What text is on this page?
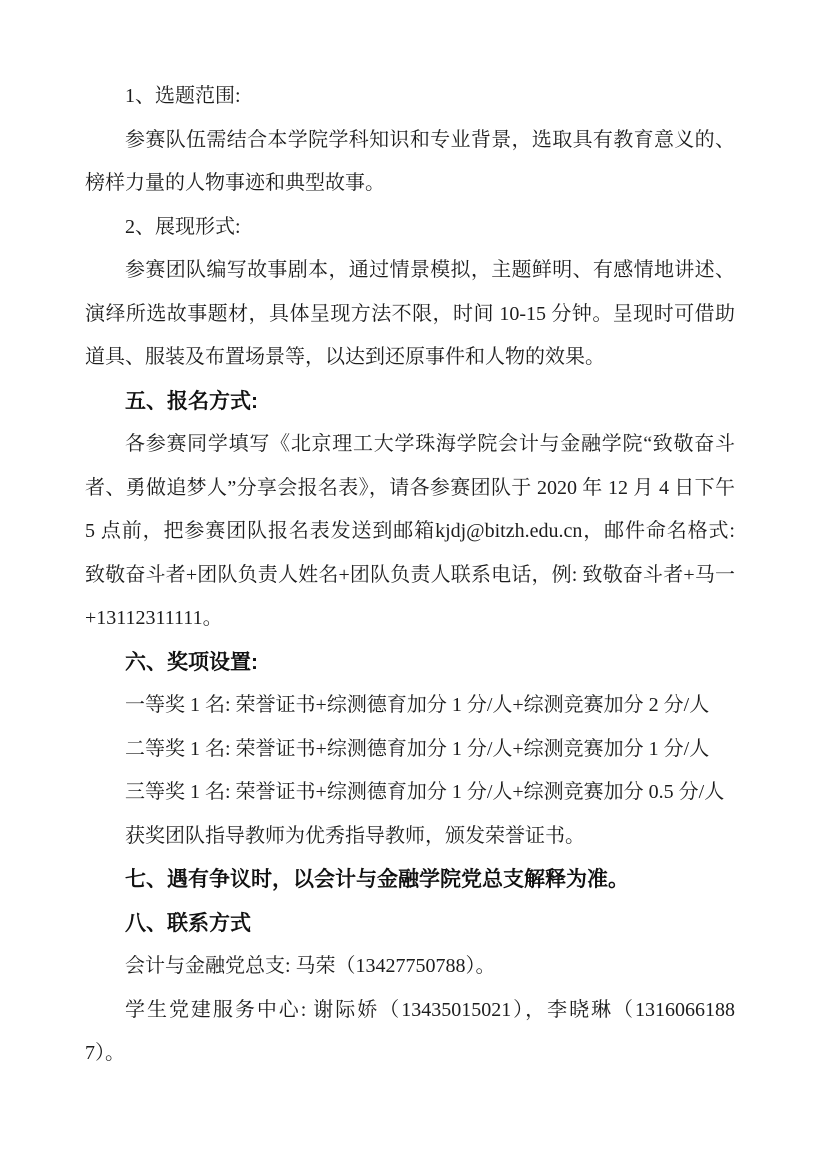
1、选题范围:

参赛队伍需结合本学院学科知识和专业背景，选取具有教育意义的、榜样力量的人物事迹和典型故事。

2、展现形式:

参赛团队编写故事剧本，通过情景模拟，主题鲜明、有感情地讲述、演绎所选故事题材，具体呈现方法不限，时间 10-15 分钟。呈现时可借助道具、服装及布置场景等，以达到还原事件和人物的效果。

五、报名方式:

各参赛同学填写《北京理工大学珠海学院会计与金融学院“致敬奋斗者、勇做追梦人”分享会报名表》，请各参赛团队于 2020 年 12 月 4 日下午 5 点前，把参赛团队报名表发送到邮箱kjdj@bitzh.edu.cn，邮件命名格式: 致敬奋斗者+团队负责人姓名+团队负责人联系电话，例: 致敬奋斗者+马一+13112311111。

六、奖项设置:

一等奖 1 名: 荣誉证书+综测德育加分 1 分/人+综测竞赛加分 2 分/人

二等奖 1 名: 荣誉证书+综测德育加分 1 分/人+综测竞赛加分 1 分/人

三等奖 1 名: 荣誉证书+综测德育加分 1 分/人+综测竞赛加分 0.5 分/人

获奖团队指导教师为优秀指导教师，颁发荣誉证书。

七、遇有争议时，以会计与金融学院党总支解释为准。

八、联系方式

会计与金融党总支: 马荣（13427750788）。

学生党建服务中心: 谢际娇（13435015021），李晓琳（13160661887）。
